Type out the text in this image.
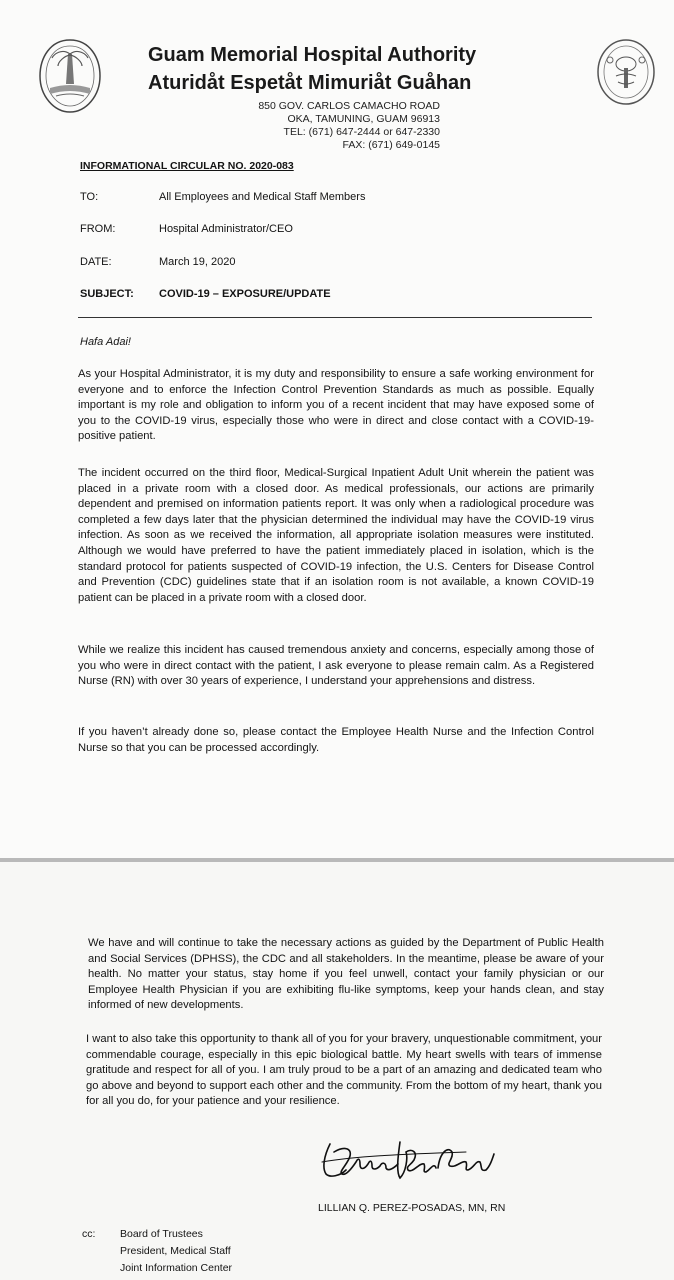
Guam Memorial Hospital Authority
Aturidåt Espetåt Mimuriåt Guåhan
850 GOV. CARLOS CAMACHO ROAD
OKA, TAMUNING, GUAM 96913
TEL: (671) 647-2444 or 647-2330
FAX: (671) 649-0145
INFORMATIONAL CIRCULAR NO. 2020-083
TO:	All Employees and Medical Staff Members
FROM:	Hospital Administrator/CEO
DATE:	March 19, 2020
SUBJECT: COVID-19 – EXPOSURE/UPDATE
Hafa Adai!

As your Hospital Administrator, it is my duty and responsibility to ensure a safe working environment for everyone and to enforce the Infection Control Prevention Standards as much as possible. Equally important is my role and obligation to inform you of a recent incident that may have exposed some of you to the COVID-19 virus, especially those who were in direct and close contact with a COVID-19-positive patient.

The incident occurred on the third floor, Medical-Surgical Inpatient Adult Unit wherein the patient was placed in a private room with a closed door. As medical professionals, our actions are primarily dependent and premised on information patients report. It was only when a radiological procedure was completed a few days later that the physician determined the individual may have the COVID-19 virus infection. As soon as we received the information, all appropriate isolation measures were instituted. Although we would have preferred to have the patient immediately placed in isolation, which is the standard protocol for patients suspected of COVID-19 infection, the U.S. Centers for Disease Control and Prevention (CDC) guidelines state that if an isolation room is not available, a known COVID-19 patient can be placed in a private room with a closed door.

While we realize this incident has caused tremendous anxiety and concerns, especially among those of you who were in direct contact with the patient, I ask everyone to please remain calm. As a Registered Nurse (RN) with over 30 years of experience, I understand your apprehensions and distress.

If you haven’t already done so, please contact the Employee Health Nurse and the Infection Control Nurse so that you can be processed accordingly.

We have and will continue to take the necessary actions as guided by the Department of Public Health and Social Services (DPHSS), the CDC and all stakeholders. In the meantime, please be aware of your health. No matter your status, stay home if you feel unwell, contact your family physician or our Employee Health Physician if you are exhibiting flu-like symptoms, keep your hands clean, and stay informed of new developments.

I want to also take this opportunity to thank all of you for your bravery, unquestionable commitment, your commendable courage, especially in this epic biological battle. My heart swells with tears of immense gratitude and respect for all of you. I am truly proud to be a part of an amazing and dedicated team who go above and beyond to support each other and the community. From the bottom of my heart, thank you for all you do, for your patience and your resilience.

LILLIAN Q. PEREZ-POSADAS, MN, RN
cc: Board of Trustees
President, Medical Staff
Joint Information Center
